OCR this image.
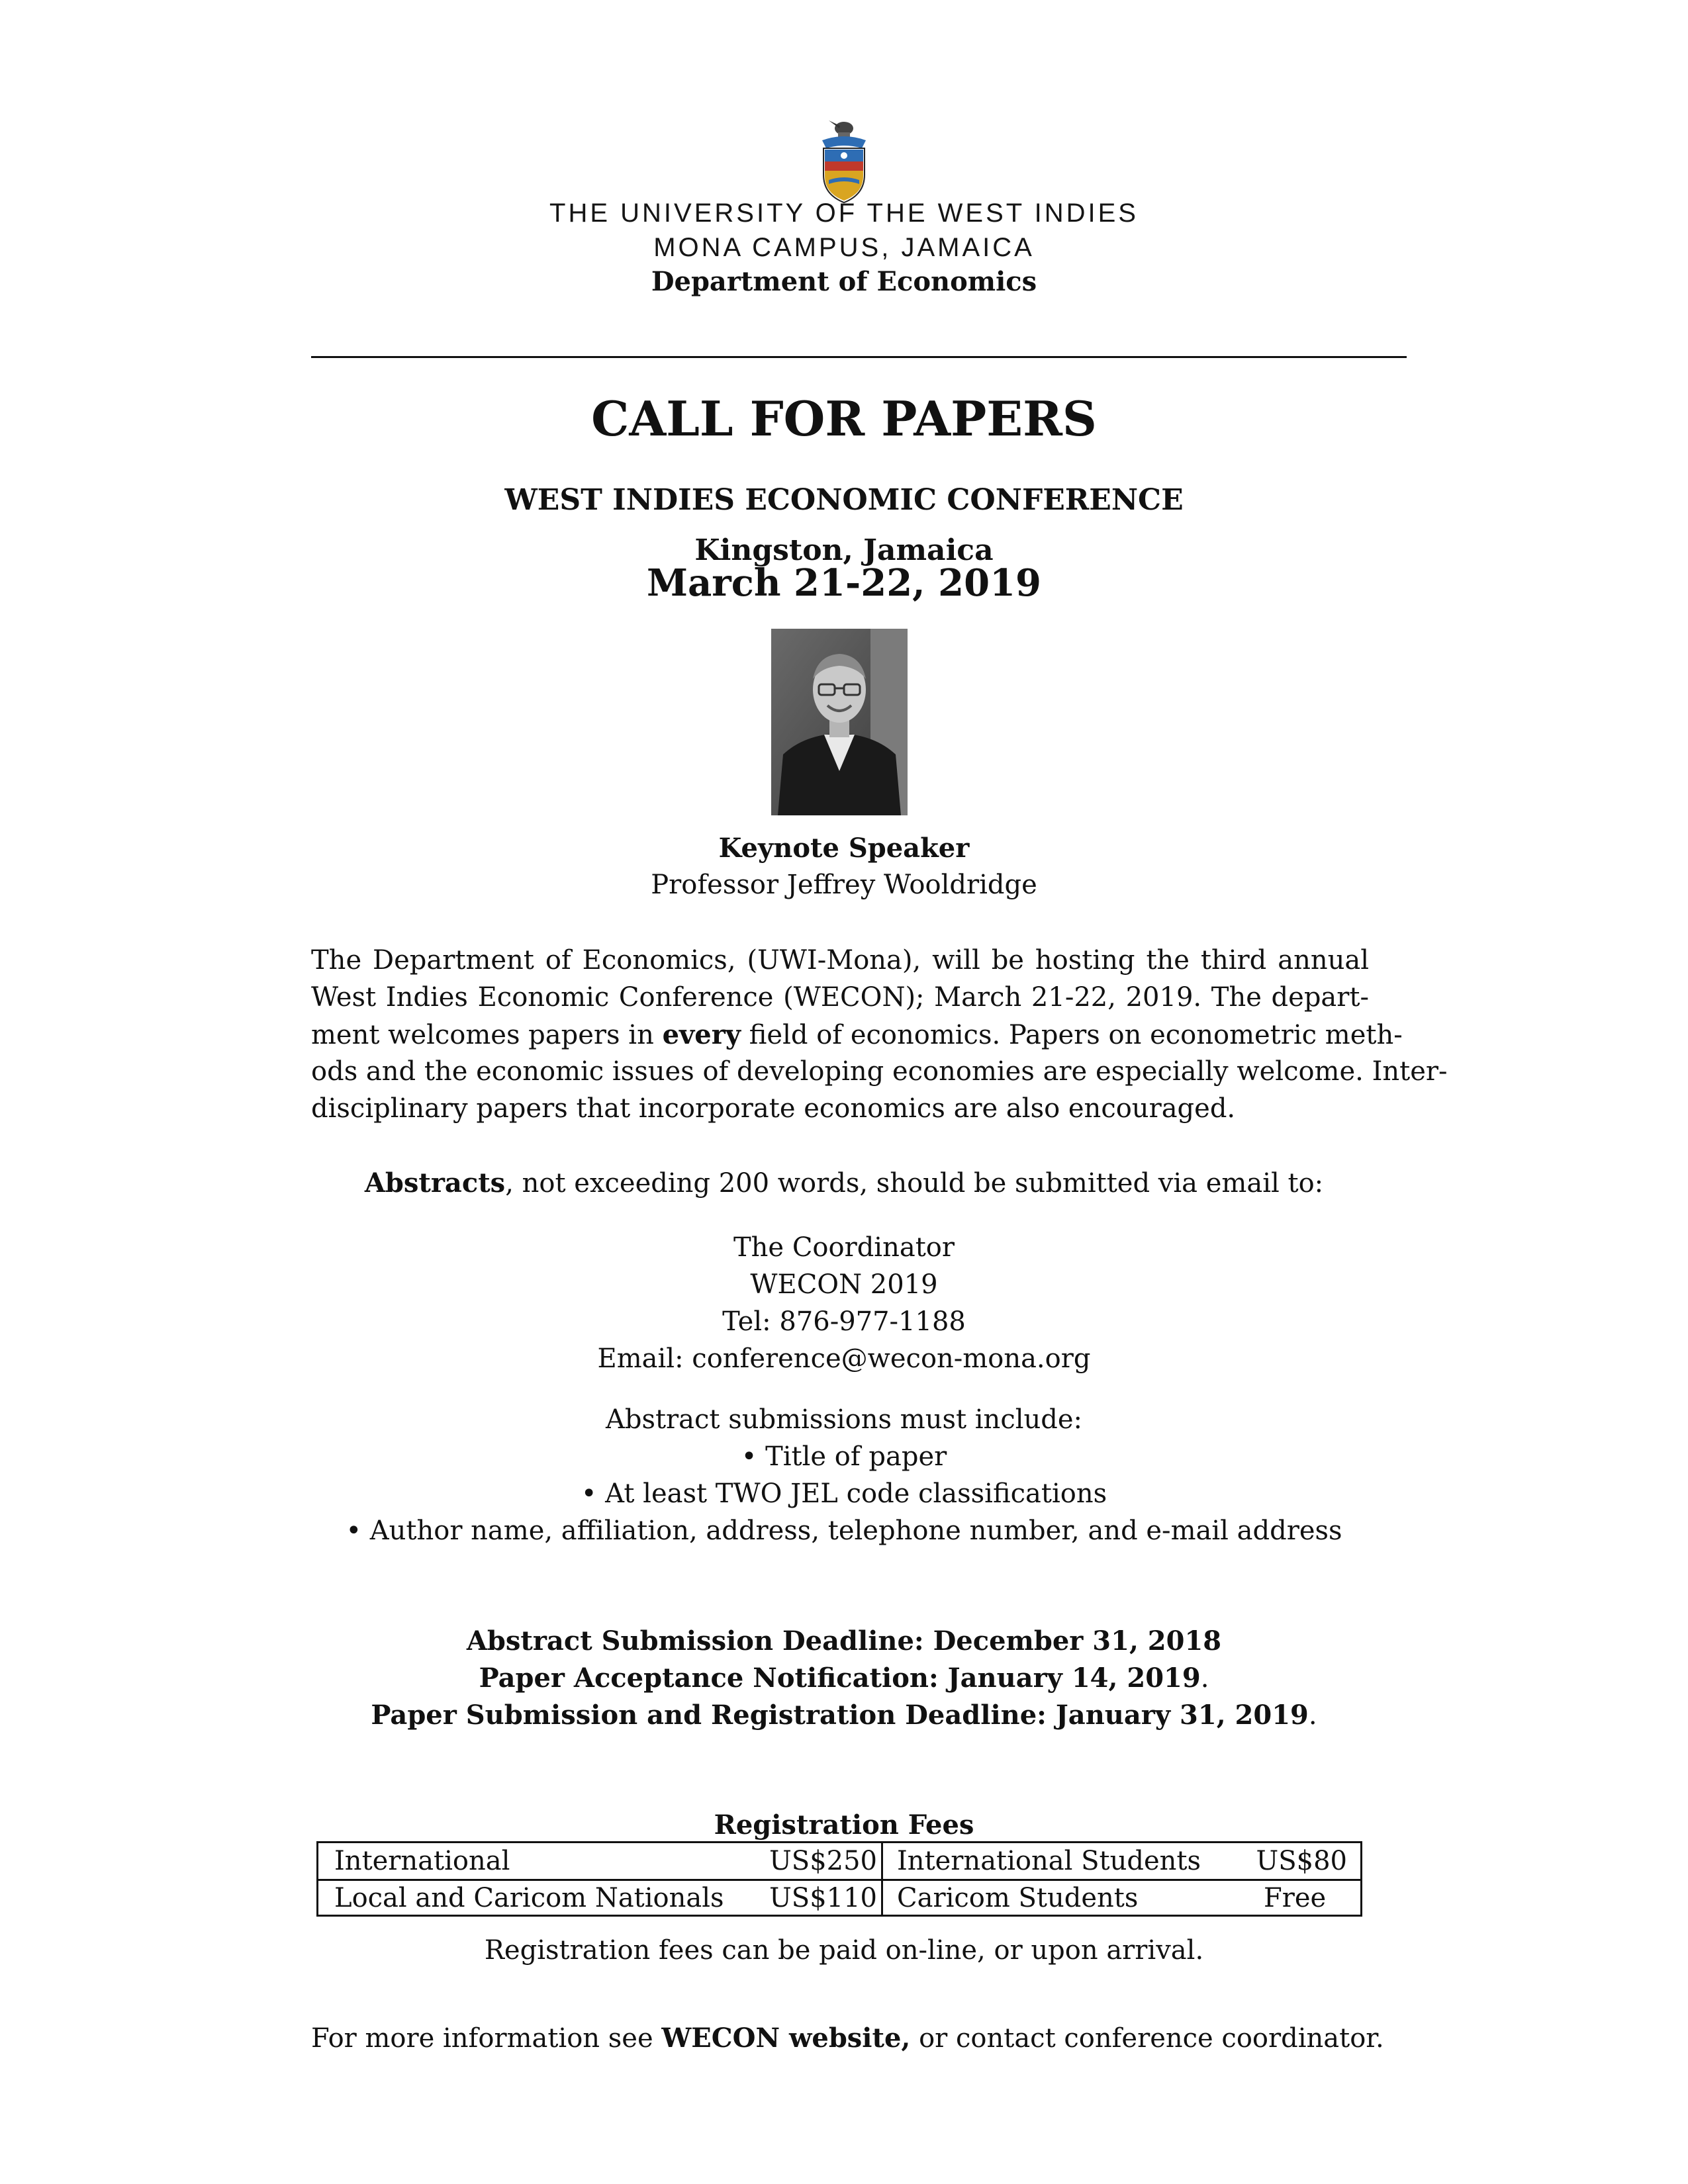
THE UNIVERSITY OF THE WEST INDIES
MONA CAMPUS, JAMAICA
Department of Economics
CALL FOR PAPERS
WEST INDIES ECONOMIC CONFERENCE
Kingston, Jamaica
March 21-22, 2019
Keynote Speaker
Professor Jeffrey Wooldridge
The Department of Economics, (UWI-Mona), will be hosting the third annual
West Indies Economic Conference (WECON); March 21-22, 2019. The depart-
ment welcomes papers in every field of economics. Papers on econometric meth-
ods and the economic issues of developing economies are especially welcome. Inter-
disciplinary papers that incorporate economics are also encouraged.
Abstracts, not exceeding 200 words, should be submitted via email to:
The Coordinator
WECON 2019
Tel: 876-977-1188
Email: conference@wecon-mona.org
Abstract submissions must include:
• Title of paper
• At least TWO JEL code classifications
• Author name, affiliation, address, telephone number, and e-mail address
Abstract Submission Deadline: December 31, 2018
Paper Acceptance Notification: January 14, 2019.
Paper Submission and Registration Deadline: January 31, 2019.
Registration Fees
International	US$250 International Students US$80
Local and Caricom Nationals US$110 Caricom Students	Free
Registration fees can be paid on-line, or upon arrival.
For more information see WECON website, or contact conference coordinator.
